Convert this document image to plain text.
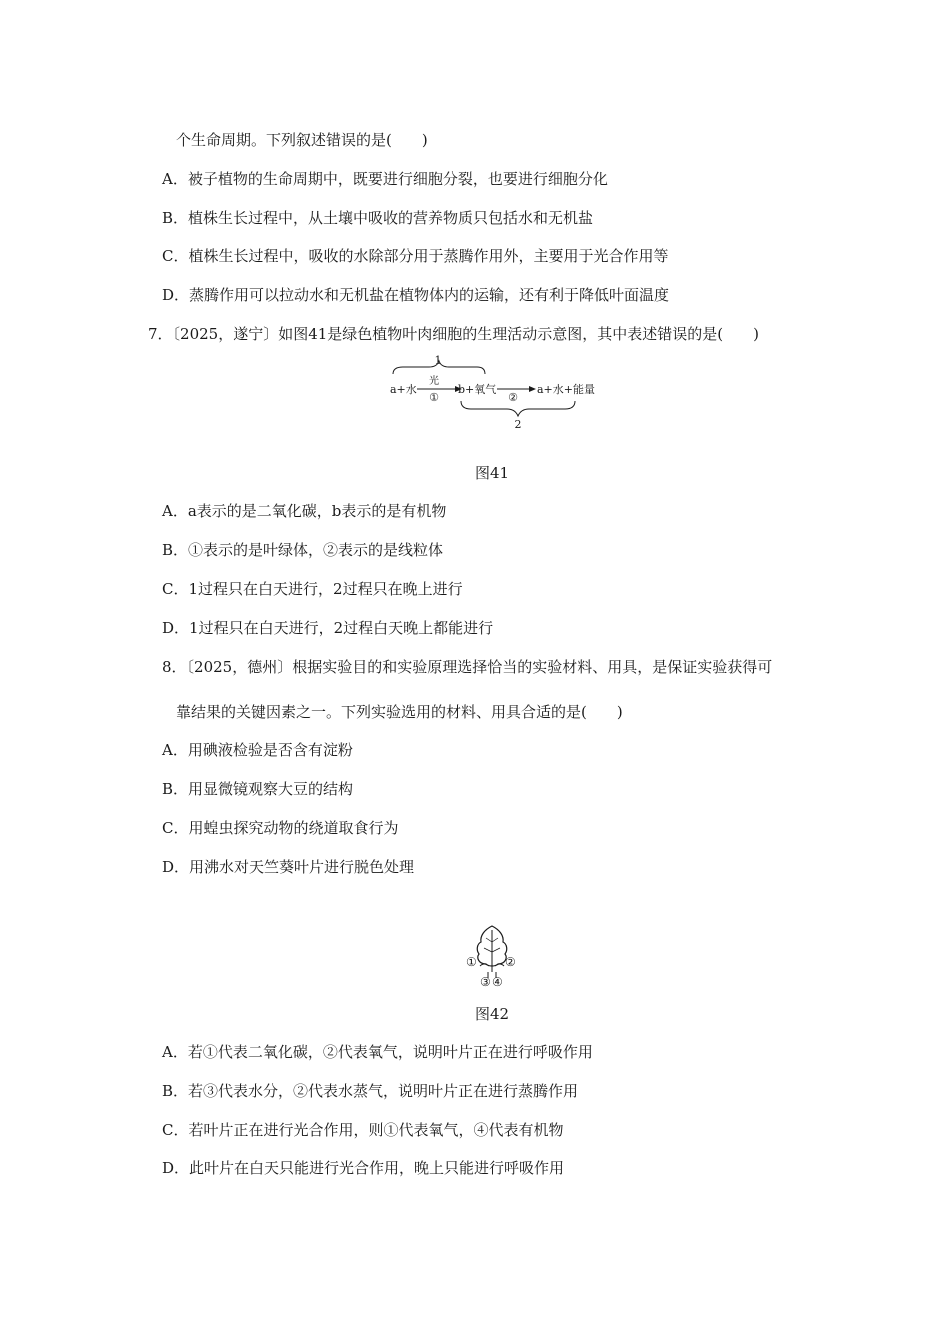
个生命周期。下列叙述错误的是(　　)
A．被子植物的生命周期中，既要进行细胞分裂，也要进行细胞分化
B．植株生长过程中，从土壤中吸收的营养物质只包括水和无机盐
C．植株生长过程中，吸收的水除部分用于蒸腾作用外，主要用于光合作用等
D．蒸腾作用可以拉动水和无机盐在植物体内的运输，还有利于降低叶面温度
7．〔2025，遂宁〕如图41是绿色植物叶肉细胞的生理活动示意图，其中表述错误的是(　　)
1
a+水
光
①
b+氧气
②
a+水+能量
2
图41
A．a表示的是二氧化碳，b表示的是有机物
B．①表示的是叶绿体，②表示的是线粒体
C．1过程只在白天进行，2过程只在晚上进行
D．1过程只在白天进行，2过程白天晚上都能进行
8．〔2025，德州〕根据实验目的和实验原理选择恰当的实验材料、用具，是保证实验获得可
靠结果的关键因素之一。下列实验选用的材料、用具合适的是(　　)
A．用碘液检验是否含有淀粉
B．用显微镜观察大豆的结构
C．用蝗虫探究动物的绕道取食行为
D．用沸水对天竺葵叶片进行脱色处理
① ②
③ ④
图42
A．若①代表二氧化碳，②代表氧气，说明叶片正在进行呼吸作用
B．若③代表水分，②代表水蒸气，说明叶片正在进行蒸腾作用
C．若叶片正在进行光合作用，则①代表氧气，④代表有机物
D．此叶片在白天只能进行光合作用，晚上只能进行呼吸作用
